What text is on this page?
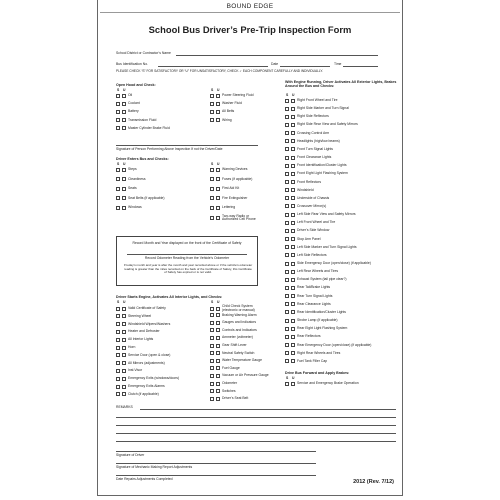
BOUND EDGE
School Bus Driver’s Pre-Trip Inspection Form
School District or Contractor’s Name
Bus Identification No.	Date	Time
PLEASE CHECK “S” FOR SATISFACTORY OR “U” FOR UNSATISFACTORY, CHECK ✓ EACH COMPONENT CAREFULLY AND INDIVIDUALLY.
Record Month and Year displayed on the front of the Certificate of Safety
Record Odometer Reading from the Vehicle’s Odometer
If today’s month and year is after the month and year recorded above or if the vehicle’s odometer reading is greater than the miles recorded on the back of the Certificate of Safety, this Certificate of Safety has expired or is not valid.
REMARKS
Signature of Driver
Signature of Mechanic Making Report Adjustments
Date Repairs Adjustments Completed	2012 (Rev. 7/12)
Open Hood and Check:
S U	S U
Oil
Coolant
Battery
Transmission Fluid
Master Cylinder Brake Fluid
Power Steering Fluid
Washer Fluid
All Belts
Wiring
Signature of Person Performing Above Inspection If not the Driver/Date
Driver Enters Bus and Checks:
S U	S U
Steps
Cleanliness
Seats
Seat Belts (if applicable)
Windows
Warning Devices
Fuses (if applicable)
First Aid Kit
Fire Extinguisher
Lettering
Two-way Radio or Authorized Cell Phone
Driver Starts Engine, Activates All Interior Lights, and Checks:
S U	S U
Valid Certificate of Safety
Steering Wheel
Windshield Wipers/Washers
Heater and Defroster
All Interior Lights
Horn
Service Door (open & close)
All Mirrors (adjustments)
Inst.Visor
Emergency Exits (windows/doors)
Emergency Exits Alarms
Clutch (if applicable)
Child Check System (electronic or manual)
Braking Warning Alarm
Gauges and Indicators
Controls and Indicators
Ammeter (voltmeter)
Gear Shift Lever
Neutral Safety Switch
Water Temperature Gauge
Fuel Gauge
Vacuum or Air Pressure Gauge
Odometer
Switches
Driver’s Seat Belt
With Engine Running, Driver Activates All Exterior Lights, Brakes Around the Bus and Checks:
S U
Right Front Wheel and Tire
Right Side Marker and Turn Signal
Right Side Reflectors
Right Side Rear View and Safety Mirrors
Crossing Control Arm
Headlights (high/low beams)
Front Turn Signal Lights
Front Clearance Lights
Front Identification/Cluster Lights
Front Eight Light Flashing System
Front Reflectors
Windshield
Underside of Chassis
Crossover Mirror(s)
Left Side Rear View and Safety Mirrors
Left Front Wheel and Tire
Driver’s Side Window
Stop Arm Panel
Left Side Marker and Turn Signal Lights
Left Side Reflectors
Side Emergency Door (open/close) (if applicable)
Left Rear Wheels and Tires
Exhaust System (tail pipe clear?)
Rear Tail/Brake Lights
Rear Turn Signal Lights
Rear Clearance Lights
Rear Identification/Cluster Lights
Strobe Lamp (if applicable)
Rear Eight Light Flashing System
Rear Reflectors
Rear Emergency Door (open/close) (if applicable)
Right Rear Wheels and Tires
Fuel Tank Filler Cap
Drive Bus Forward and Apply Brakes:
S U
Service and Emergency Brake Operation
